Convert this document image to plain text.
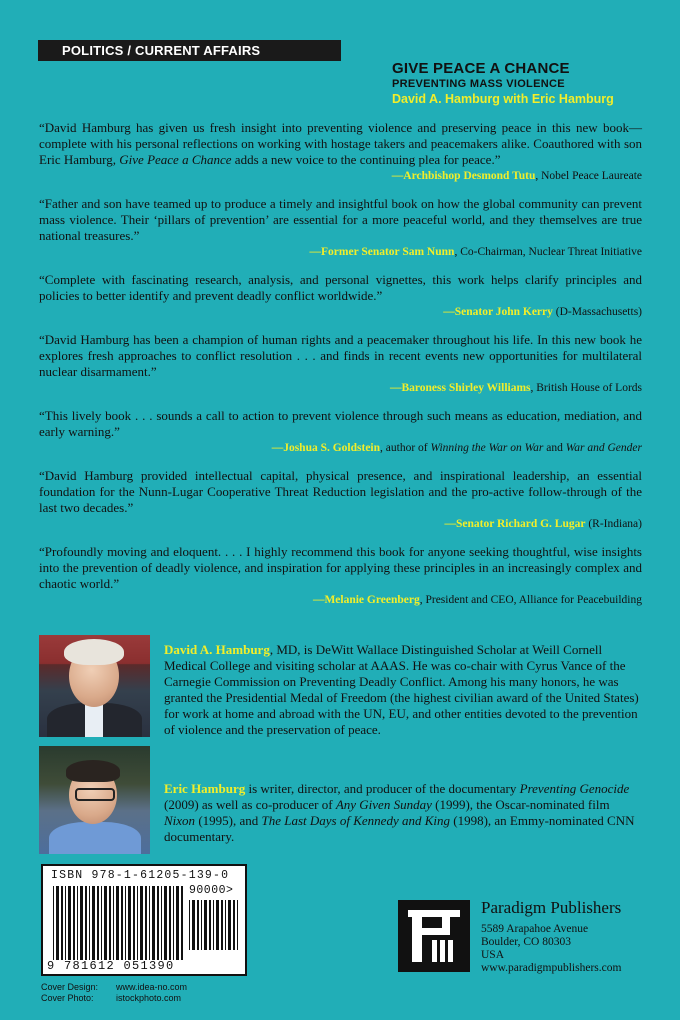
POLITICS / CURRENT AFFAIRS
GIVE PEACE A CHANCE
PREVENTING MASS VIOLENCE
David A. Hamburg with Eric Hamburg
“David Hamburg has given us fresh insight into preventing violence and preserving peace in this new book—complete with his personal reflections on working with hostage takers and peacemakers alike. Coauthored with son Eric Hamburg, Give Peace a Chance adds a new voice to the continuing plea for peace.”
—Archbishop Desmond Tutu, Nobel Peace Laureate
“Father and son have teamed up to produce a timely and insightful book on how the global community can prevent mass violence. Their ‘pillars of prevention’ are essential for a more peaceful world, and they themselves are true national treasures.”
—Former Senator Sam Nunn, Co-Chairman, Nuclear Threat Initiative
“Complete with fascinating research, analysis, and personal vignettes, this work helps clarify principles and policies to better identify and prevent deadly conflict worldwide.”
—Senator John Kerry (D-Massachusetts)
“David Hamburg has been a champion of human rights and a peacemaker throughout his life. In this new book he explores fresh approaches to conflict resolution . . . and finds in recent events new opportunities for multilateral nuclear disarmament.”
—Baroness Shirley Williams, British House of Lords
“This lively book . . . sounds a call to action to prevent violence through such means as education, mediation, and early warning.”
—Joshua S. Goldstein, author of Winning the War on War and War and Gender
“David Hamburg provided intellectual capital, physical presence, and inspirational leadership, an essential foundation for the Nunn-Lugar Cooperative Threat Reduction legislation and the pro-active follow-through of the last two decades.”
—Senator Richard G. Lugar (R-Indiana)
“Profoundly moving and eloquent. . . . I highly recommend this book for anyone seeking thoughtful, wise insights into the prevention of deadly violence, and inspiration for applying these principles in an increasingly complex and chaotic world.”
—Melanie Greenberg, President and CEO, Alliance for Peacebuilding
David A. Hamburg, MD, is DeWitt Wallace Distinguished Scholar at Weill Cornell Medical College and visiting scholar at AAAS. He was co-chair with Cyrus Vance of the Carnegie Commission on Preventing Deadly Conflict. Among his many honors, he was granted the Presidential Medal of Freedom (the highest civilian award of the United States) for work at home and abroad with the UN, EU, and other entities devoted to the prevention of violence and the preservation of peace.
Eric Hamburg is writer, director, and producer of the documentary Preventing Genocide (2009) as well as co-producer of Any Given Sunday (1999), the Oscar-nominated film Nixon (1995), and The Last Days of Kennedy and King (1998), an Emmy-nominated CNN documentary.
ISBN 978-1-61205-139-0
90000>
9 781612 051390
Cover Design:	www.idea-no.com
Cover Photo:	istockphoto.com
Paradigm Publishers
5589 Arapahoe Avenue
Boulder, CO 80303
USA
www.paradigmpublishers.com
